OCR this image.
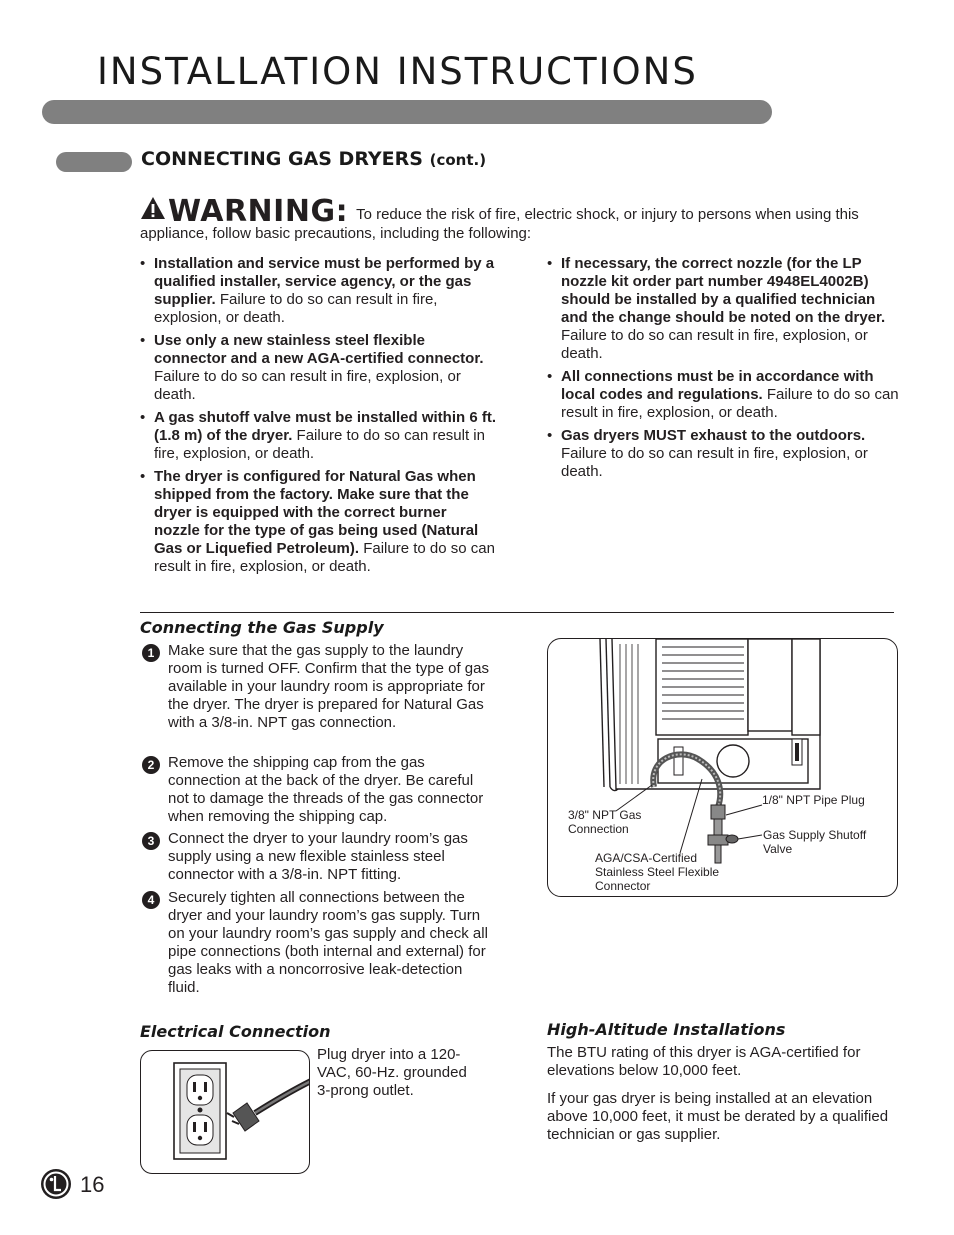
INSTALLATION INSTRUCTIONS
CONNECTING GAS DRYERS (cont.)
WARNING: To reduce the risk of fire, electric shock, or injury to persons when using this appliance, follow basic precautions, including the following:
• Installation and service must be performed by a qualified installer, service agency, or the gas supplier. Failure to do so can result in fire, explosion, or death.
• Use only a new stainless steel flexible connector and a new AGA-certified connector. Failure to do so can result in fire, explosion, or death.
• A gas shutoff valve must be installed within 6 ft. (1.8 m) of the dryer. Failure to do so can result in fire, explosion, or death.
• The dryer is configured for Natural Gas when shipped from the factory. Make sure that the dryer is equipped with the correct burner nozzle for the type of gas being used (Natural Gas or Liquefied Petroleum). Failure to do so can result in fire, explosion, or death.
• If necessary, the correct nozzle (for the LP nozzle kit order part number 4948EL4002B) should be installed by a qualified technician and the change should be noted on the dryer. Failure to do so can result in fire, explosion, or death.
• All connections must be in accordance with local codes and regulations. Failure to do so can result in fire, explosion, or death.
• Gas dryers MUST exhaust to the outdoors. Failure to do so can result in fire, explosion, or death.
Connecting the Gas Supply
1 Make sure that the gas supply to the laundry room is turned OFF. Confirm that the type of gas available in your laundry room is appropriate for the dryer. The dryer is prepared for Natural Gas with a 3/8-in. NPT gas connection.
2 Remove the shipping cap from the gas connection at the back of the dryer. Be careful not to damage the threads of the gas connector when removing the shipping cap.
3 Connect the dryer to your laundry room’s gas supply using a new flexible stainless steel connector with a 3/8-in. NPT fitting.
4 Securely tighten all connections between the dryer and your laundry room’s gas supply. Turn on your laundry room’s gas supply and check all pipe connections (both internal and external) for gas leaks with a noncorrosive leak-detection fluid.
3/8" NPT Gas Connection
1/8" NPT Pipe Plug
Gas Supply Shutoff Valve
AGA/CSA-Certified Stainless Steel Flexible Connector
Electrical Connection
Plug dryer into a 120-VAC, 60-Hz. grounded 3-prong outlet.
High-Altitude Installations
The BTU rating of this dryer is AGA-certified for elevations below 10,000 feet.
If your gas dryer is being installed at an elevation above 10,000 feet, it must be derated by a qualified technician or gas supplier.
16
